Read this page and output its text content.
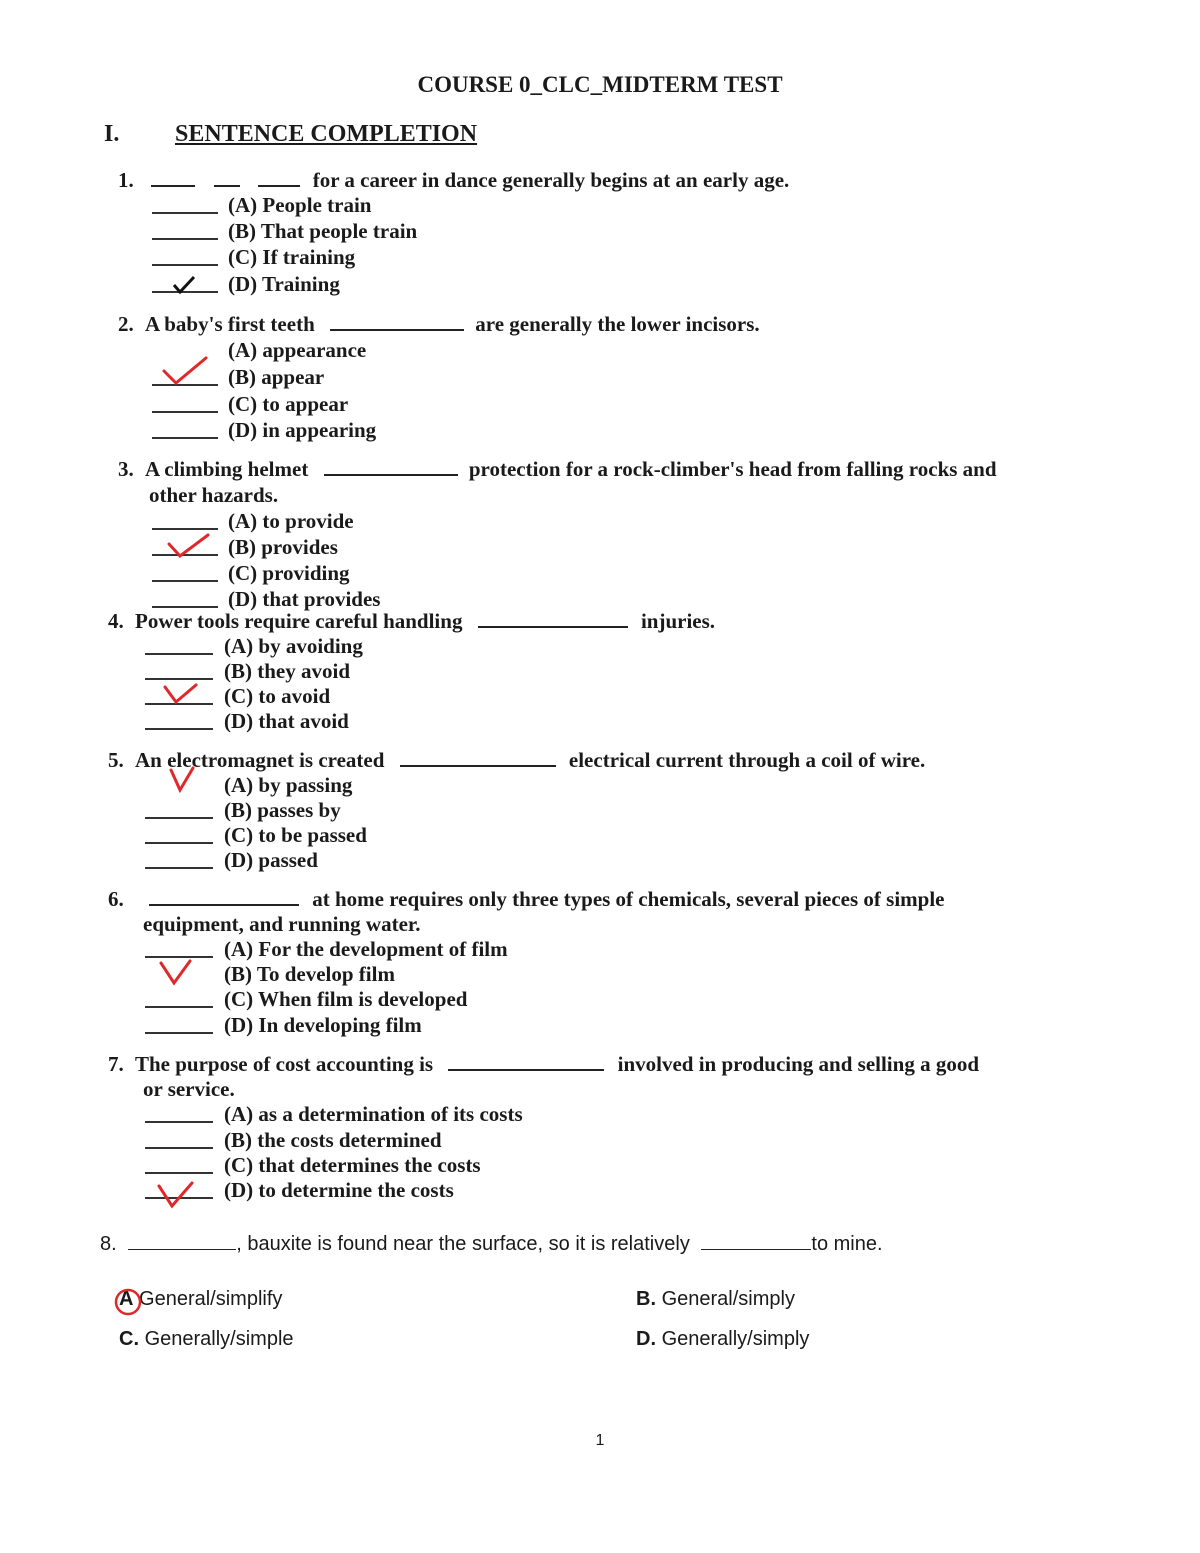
COURSE 0_CLC_MIDTERM TEST
I. SENTENCE COMPLETION
1.	for a career in dance generally begins at an early age.
(A) People train
(B) That people train
(C) If training
(D) Training
2. A baby's first teeth	are generally the lower incisors.
(A) appearance
(B) appear
(C) to appear
(D) in appearing
3. A climbing helmet	protection for a rock-climber's head from falling rocks and
other hazards.
(A) to provide
(B) provides
(C) providing
(D) that provides
4. Power tools require careful handling	injuries.
(A) by avoiding
(B) they avoid
(C) to avoid
(D) that avoid
5. An electromagnet is created	electrical current through a coil of wire.
(A) by passing
(B) passes by
(C) to be passed
(D) passed
6.	at home requires only three types of chemicals, several pieces of simple
equipment, and running water.
(A) For the development of film
(B) To develop film
(C) When film is developed
(D) In developing film
7. The purpose of cost accounting is	involved in producing and selling a good
or service.
(A) as a determination of its costs
(B) the costs determined
(C) that determines the costs
(D) to determine the costs
8.	, bauxite is found near the surface, so it is relatively	to mine.
A General/simplify	B. General/simply
C. Generally/simple	D. Generally/simply
1
